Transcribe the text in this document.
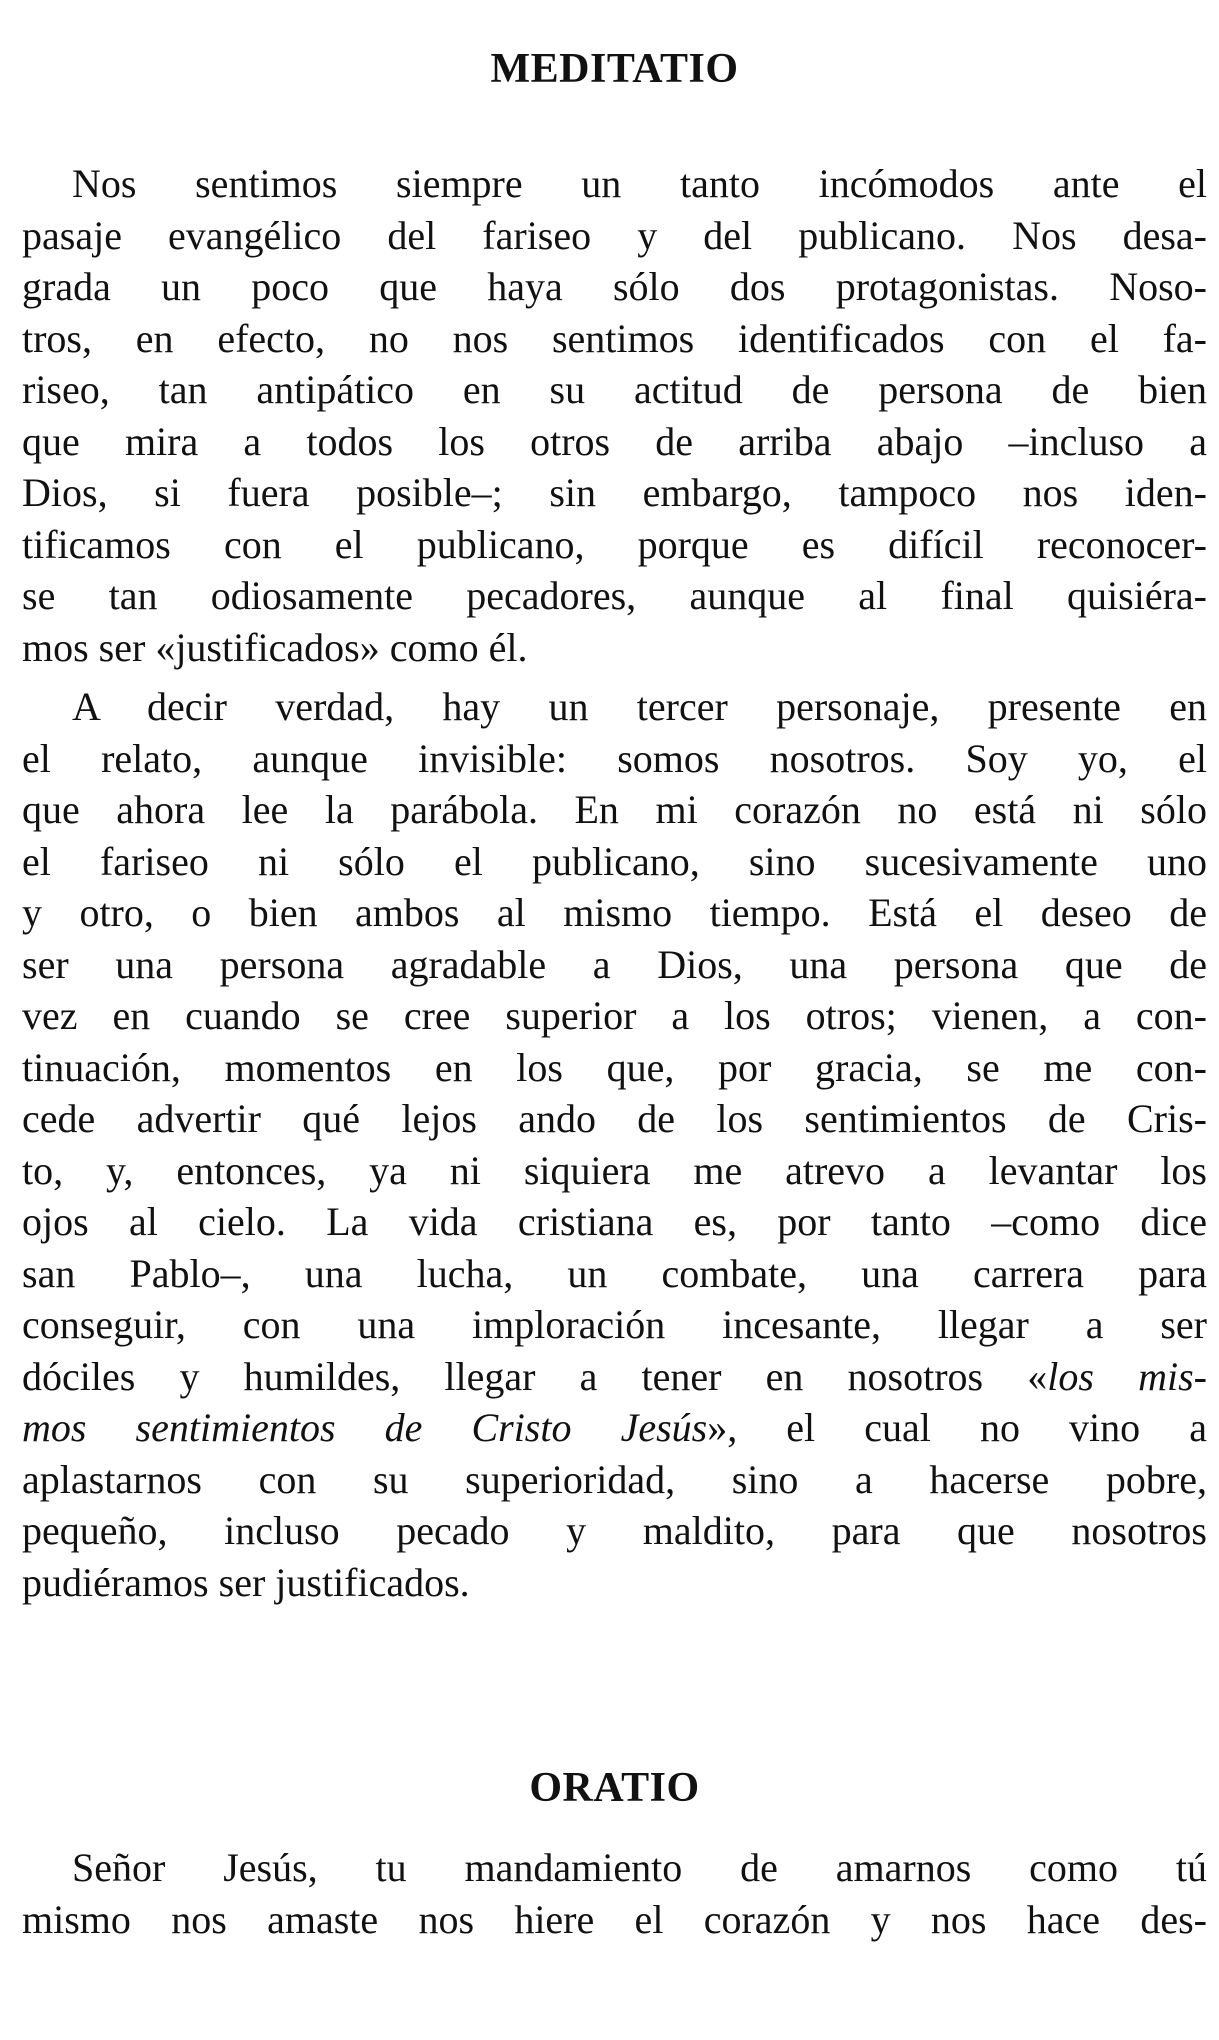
MEDITATIO
Nos sentimos siempre un tanto incómodos ante el
pasaje evangélico del fariseo y del publicano. Nos desa-
grada un poco que haya sólo dos protagonistas. Noso-
tros, en efecto, no nos sentimos identificados con el fa-
riseo, tan antipático en su actitud de persona de bien
que mira a todos los otros de arriba abajo –incluso a
Dios, si fuera posible–; sin embargo, tampoco nos iden-
tificamos con el publicano, porque es difícil reconocer-
se tan odiosamente pecadores, aunque al final quisiéra-
mos ser «justificados» como él.
A decir verdad, hay un tercer personaje, presente en
el relato, aunque invisible: somos nosotros. Soy yo, el
que ahora lee la parábola. En mi corazón no está ni sólo
el fariseo ni sólo el publicano, sino sucesivamente uno
y otro, o bien ambos al mismo tiempo. Está el deseo de
ser una persona agradable a Dios, una persona que de
vez en cuando se cree superior a los otros; vienen, a con-
tinuación, momentos en los que, por gracia, se me con-
cede advertir qué lejos ando de los sentimientos de Cris-
to, y, entonces, ya ni siquiera me atrevo a levantar los
ojos al cielo. La vida cristiana es, por tanto –como dice
san Pablo–, una lucha, un combate, una carrera para
conseguir, con una imploración incesante, llegar a ser
dóciles y humildes, llegar a tener en nosotros «los mis-
mos sentimientos de Cristo Jesús», el cual no vino a
aplastarnos con su superioridad, sino a hacerse pobre,
pequeño, incluso pecado y maldito, para que nosotros
pudiéramos ser justificados.
ORATIO
Señor Jesús, tu mandamiento de amarnos como tú
mismo nos amaste nos hiere el corazón y nos hace des-
